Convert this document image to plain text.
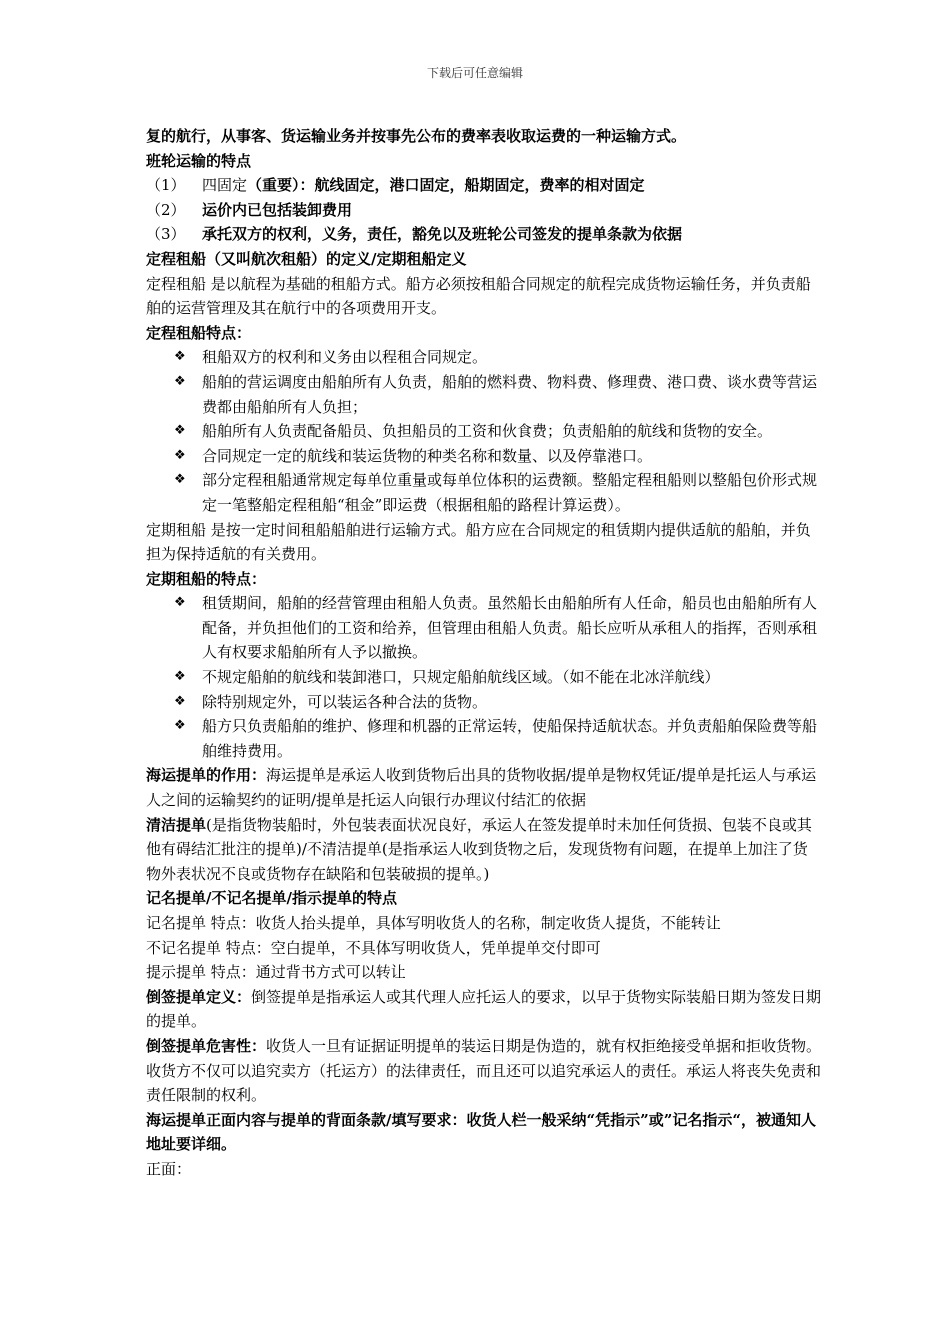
下载后可任意编辑
复的航行，从事客、货运输业务并按事先公布的费率表收取运费的一种运输方式。
班轮运输的特点
（1）	四固定 （重要）：航线固定，港口固定，船期固定，费率的相对固定
（2）	运价内已包括装卸费用
（3）	承托双方的权利，义务，责任，豁免以及班轮公司签发的提单条款为依据
定程租船（又叫航次租船）的定义/定期租船定义
定程租船 是以航程为基础的租船方式。船方必须按租船合同规定的航程完成货物运输任务，并负责船舶的运营管理及其在航行中的各项费用开支。
定程租船特点：
❖ 租船双方的权利和义务由以程租合同规定。
❖ 船舶的营运调度由船舶所有人负责，船舶的燃料费、物料费、修理费、港口费、谈水费等营运费都由船舶所有人负担；
❖ 船舶所有人负责配备船员、负担船员的工资和伙食费；负责船舶的航线和货物的安全。
❖ 合同规定一定的航线和装运货物的种类名称和数量、以及停靠港口。
❖ 部分定程租船通常规定每单位重量或每单位体积的运费额。整船定程租船则以整船包价形式规定一笔整船定程租船“租金”即运费（根据租船的路程计算运费）。
定期租船 是按一定时间租船船舶进行运输方式。船方应在合同规定的租赁期内提供适航的船舶，并负担为保持适航的有关费用。
定期租船的特点：
❖ 租赁期间，船舶的经营管理由租船人负责。虽然船长由船舶所有人任命，船员也由船舶所有人配备，并负担他们的工资和给养，但管理由租船人负责。船长应听从承租人的指挥，否则承租人有权要求船舶所有人予以撤换。
❖ 不规定船舶的航线和装卸港口，只规定船舶航线区域。（如不能在北冰洋航线）
❖ 除特别规定外，可以装运各种合法的货物。
❖ 船方只负责船舶的维护、修理和机器的正常运转，使船保持适航状态。并负责船舶保险费等船舶维持费用。
海运提单的作用：海运提单是承运人收到货物后出具的货物收据/提单是物权凭证/提单是托运人与承运人之间的运输契约的证明/提单是托运人向银行办理议付结汇的依据
清洁提单(是指货物装船时，外包装表面状况良好，承运人在签发提单时未加任何货损、包装不良或其他有碍结汇批注的提单)/不清洁提单(是指承运人收到货物之后，发现货物有问题，在提单上加注了货物外表状况不良或货物存在缺陷和包装破损的提单。)
记名提单/不记名提单/指示提单的特点
记名提单 特点：收货人抬头提单，具体写明收货人的名称，制定收货人提货，不能转让
不记名提单 特点：空白提单，不具体写明收货人，凭单提单交付即可
提示提单 特点：通过背书方式可以转让
倒签提单定义：倒签提单是指承运人或其代理人应托运人的要求，以早于货物实际装船日期为签发日期的提单。
倒签提单危害性：收货人一旦有证据证明提单的装运日期是伪造的，就有权拒绝接受单据和拒收货物。收货方不仅可以追究卖方（托运方）的法律责任，而且还可以追究承运人的责任。承运人将丧失免责和责任限制的权利。
海运提单正面内容与提单的背面条款/填写要求：收货人栏一般采纳“凭指示”或”记名指示“，被通知人地址要详细。
正面：
